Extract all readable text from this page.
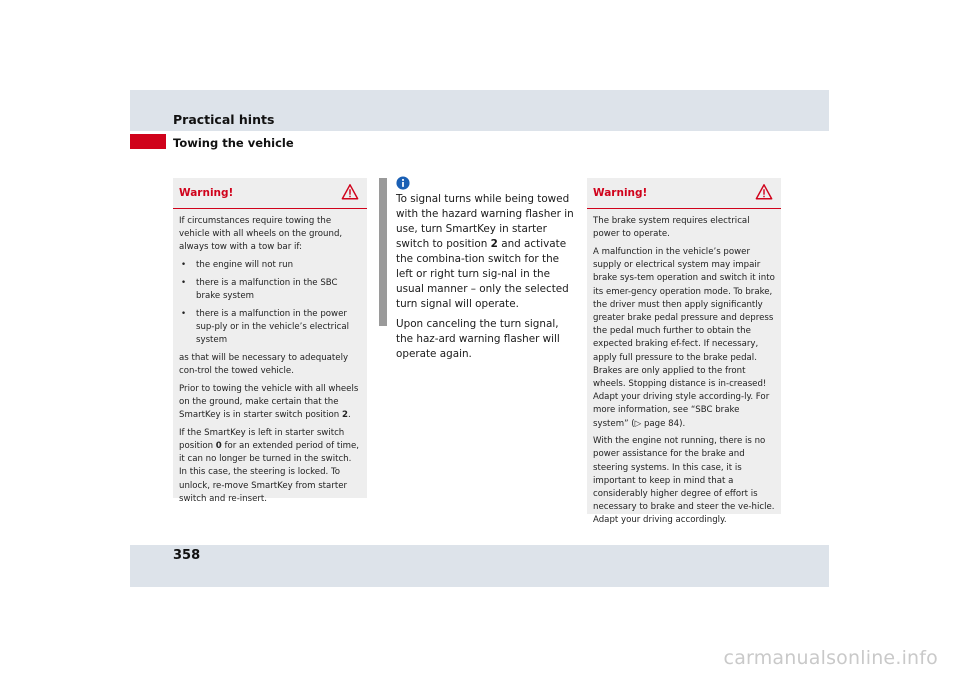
Practical hints
Towing the vehicle
Warning!

If circumstances require towing the vehicle with all wheels on the ground, always tow with a tow bar if:

• the engine will not run
• there is a malfunction in the SBC brake system
• there is a malfunction in the power sup-ply or in the vehicle’s electrical system

as that will be necessary to adequately con-trol the towed vehicle.

Prior to towing the vehicle with all wheels on the ground, make certain that the SmartKey is in starter switch position 2.

If the SmartKey is left in starter switch position 0 for an extended period of time, it can no longer be turned in the switch. In this case, the steering is locked. To unlock, re-move SmartKey from starter switch and re-insert.

To signal turns while being towed with the hazard warning flasher in use, turn SmartKey in starter switch to position 2 and activate the combina-tion switch for the left or right turn sig-nal in the usual manner – only the selected turn signal will operate.

Upon canceling the turn signal, the haz-ard warning flasher will operate again.

Warning!

The brake system requires electrical power to operate.

A malfunction in the vehicle’s power supply or electrical system may impair brake sys-tem operation and switch it into its emer-gency operation mode. To brake, the driver must then apply significantly greater brake pedal pressure and depress the pedal much further to obtain the expected braking ef-fect. If necessary, apply full pressure to the brake pedal. Brakes are only applied to the front wheels. Stopping distance is in-creased! Adapt your driving style according-ly. For more information, see “SBC brake system” (▷ page 84).

With the engine not running, there is no power assistance for the brake and steering systems. In this case, it is important to keep in mind that a considerably higher degree of effort is necessary to brake and steer the ve-hicle. Adapt your driving accordingly.

358
carmanualsonline.info
